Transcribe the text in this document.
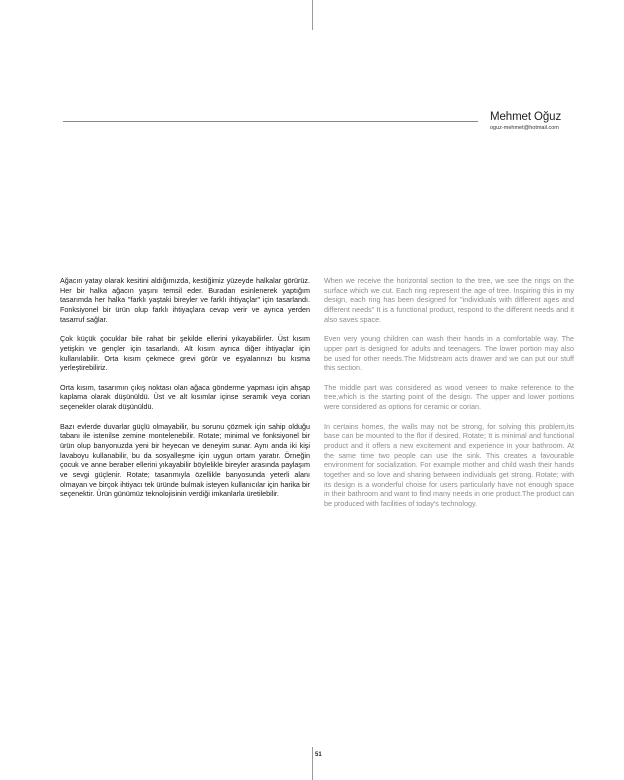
Mehmet Oğuz
oguz-mehmet@hotmail.com

Ağacın yatay olarak kesitini aldığımızda, kestiğimiz yüzeyde halkalar görürüz. Her bir halka ağacın yaşını temsil eder. Buradan esinlenerek yaptığım tasarımda her halka "farklı yaştaki bireyler ve farklı ihtiyaçlar" için tasarlandı. Fonksiyonel bir ürün olup farklı ihtiyaçlara cevap verir ve ayrıca yerden tasarruf sağlar.

Çok küçük çocuklar bile rahat bir şekilde ellerini yıkayabilirler. Üst kısım yetişkin ve gençler için tasarlandı. Alt kısım ayrıca diğer ihtiyaçlar için kullanılabilir. Orta kısım çekmece grevi görür ve eşyalarınızı bu kısma yerleştirebiliriz.

Orta kısım, tasarımın çıkış noktası olan ağaca gönderme yapması için ahşap kaplama olarak düşünüldü. Üst ve alt kısımlar içinse seramik veya corian seçenekler olarak düşünüldü.

Bazı evlerde duvarlar güçlü olmayabilir, bu sorunu çözmek için sahip olduğu tabanı ile istenilse zemine montelenebilir. Rotate; minimal ve fonksiyonel bir ürün olup banyonuzda yeni bir heyecan ve deneyim sunar. Aynı anda iki kişi lavaboyu kullanabilir, bu da sosyalleşme için uygun ortam yaratır. Örneğin çocuk ve anne beraber ellerini yıkayabilir böylelikle bireyler arasında paylaşım ve sevgi güçlenir. Rotate; tasarımıyla özellikle banyosunda yeterli alanı olmayan ve birçok ihtiyacı tek üründe bulmak isteyen kullanıcılar için harika bir seçenektir. Ürün günümüz teknolojisinin verdiği imkanlarla üretilebilir.

When we receive the horizontal section to the tree, we see the rings on the surface which we cut. Each ring represent the age of tree. Inspiring this in my design, each ring has been designed for "individuals with different ages and different needs" It is a functional product, respond to the different needs and it also saves space.

Even very young children can wash their hands in a comfortable way. The upper part is designed for adults and teenagers. The lower portion may also be used for other needs.The Midstream acts drawer and we can put our stuff this section.

The middle part was considered as wood veneer to make reference to the tree,which is the starting point of the design. The upper and lower portions were considered as options for ceramic or corian.

In certains homes, the walls may not be strong, for solving this problem,its base can be mounted to the flor if desired. Rotate; It is minimal and functional product and it offers a new excitement and experience in your bathroom. At the same time two people can use the sink. This creates a favourable environment for socialization. For example mother and child wash their hands together and so love and sharing between individuals get strong. Rotate; with its design is a wonderful choise for users particularly have not enough space in their bathroom and want to find many needs in one product.The product can be produced with facilities of today's technology.

51
